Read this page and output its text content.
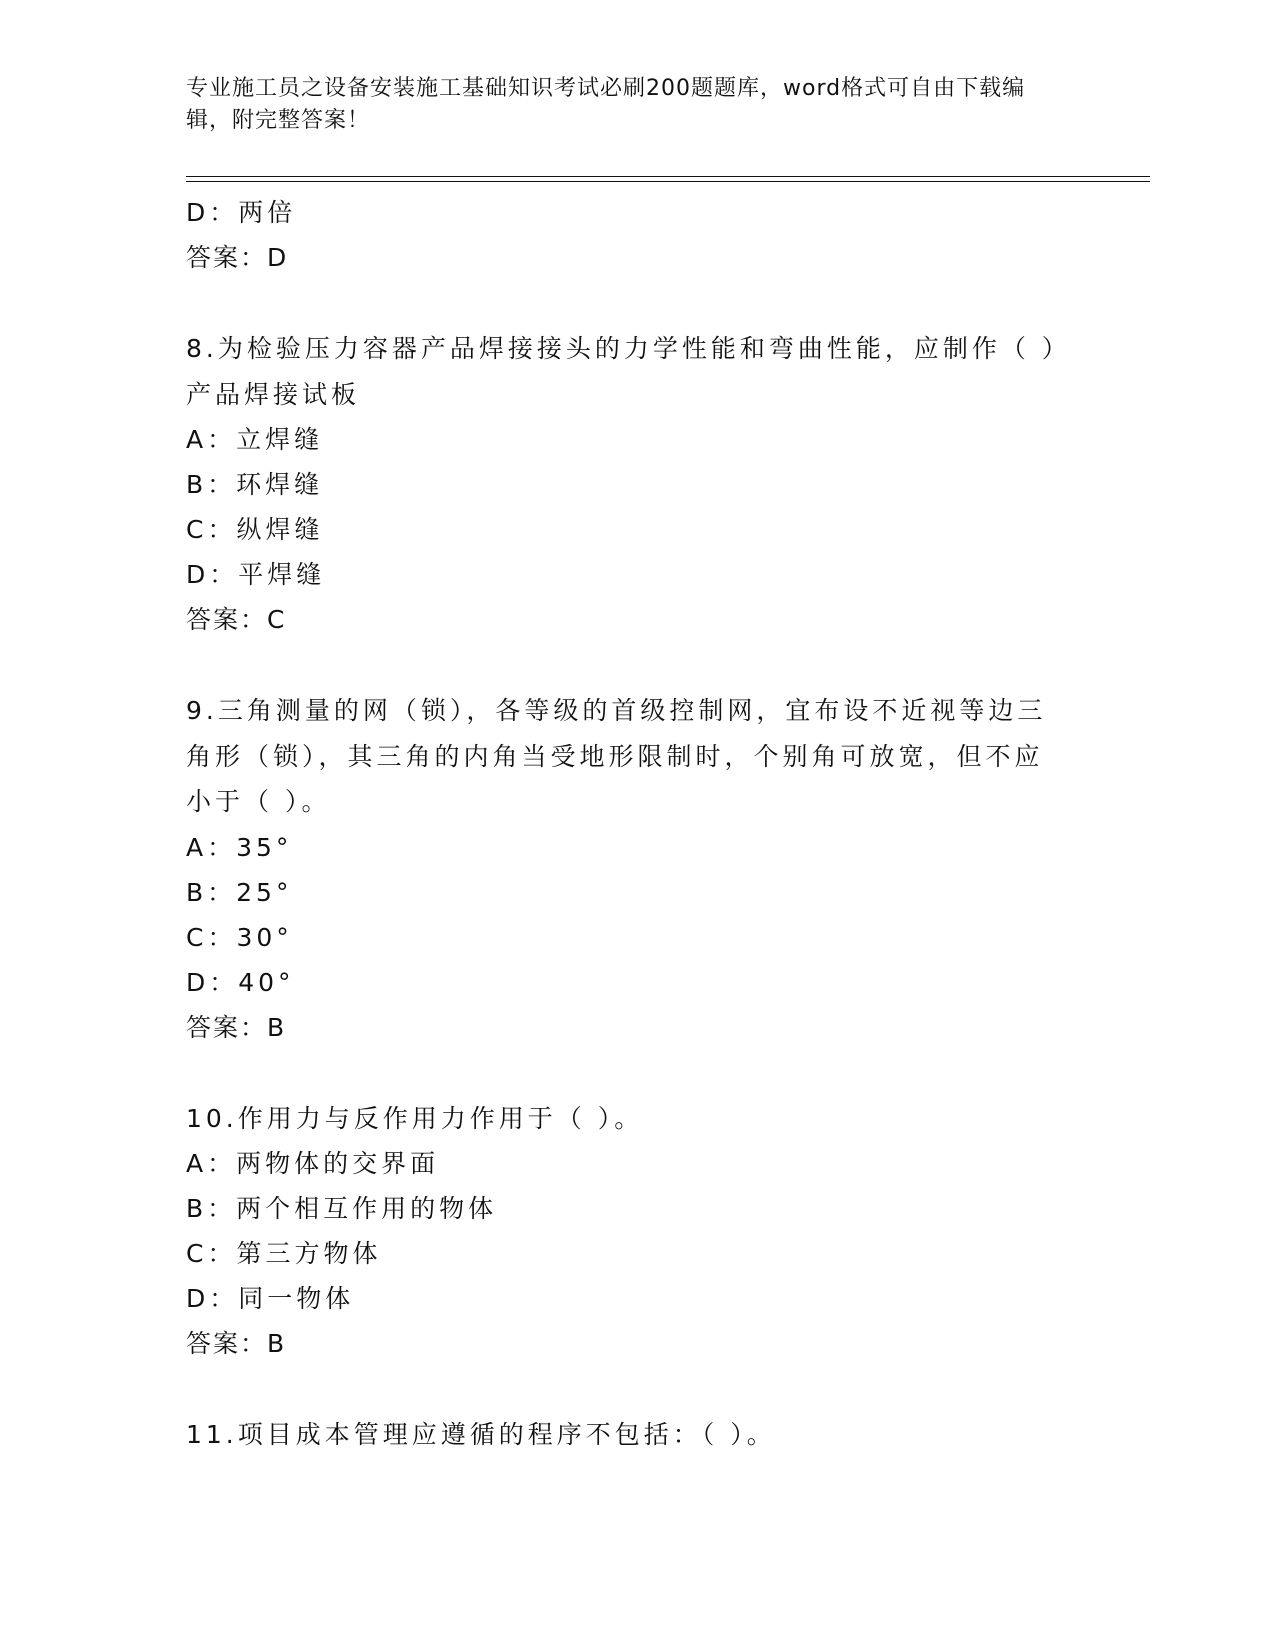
专业施工员之设备安装施工基础知识考试必刷200题题库，word格式可自由下载编辑，附完整答案！
D：两倍
答案：D
8.为检验压力容器产品焊接接头的力学性能和弯曲性能，应制作（ ）产品焊接试板
A：立焊缝
B：环焊缝
C：纵焊缝
D：平焊缝
答案：C
9.三角测量的网（锁），各等级的首级控制网，宜布设不近视等边三角形（锁），其三角的内角当受地形限制时，个别角可放宽，但不应小于（ ）。
A：35°
B：25°
C：30°
D：40°
答案：B
10.作用力与反作用力作用于（ ）。
A：两物体的交界面
B：两个相互作用的物体
C：第三方物体
D：同一物体
答案：B
11.项目成本管理应遵循的程序不包括：（ ）。
